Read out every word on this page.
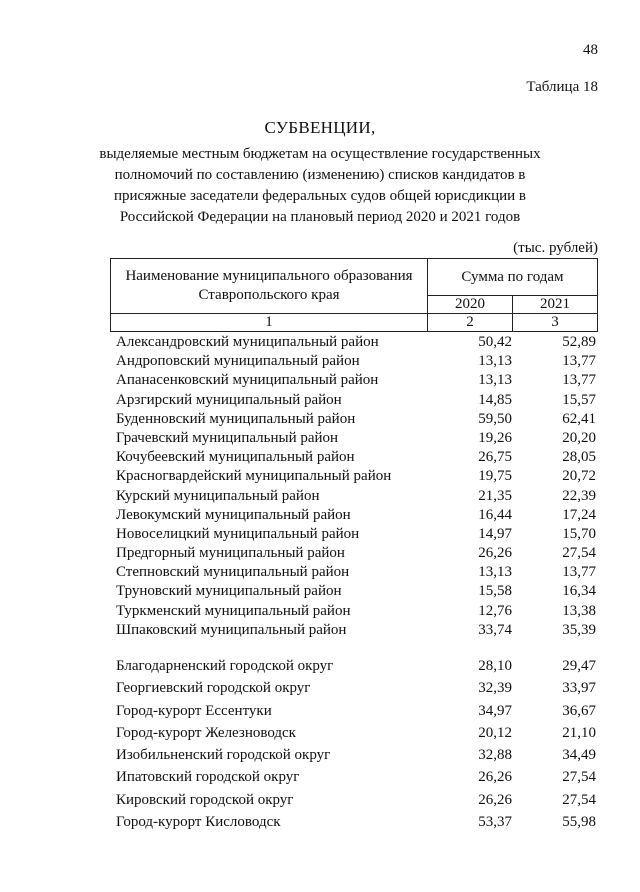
48
Таблица 18
СУБВЕНЦИИ,
выделяемые местным бюджетам на осуществление государственных полномочий по составлению (изменению) списков кандидатов в присяжные заседатели федеральных судов общей юрисдикции в Российской Федерации на плановый период 2020 и 2021 годов
(тыс. рублей)
Наименование муниципального образования Ставропольского края	Сумма по годам	
	2020	2021
1	2	3
Александровский муниципальный район	50,42	52,89
Андроповский муниципальный район	13,13	13,77
Апанасенковский муниципальный район	13,13	13,77
Арзгирский муниципальный район	14,85	15,57
Буденновский муниципальный район	59,50	62,41
Грачевский муниципальный район	19,26	20,20
Кочубеевский муниципальный район	26,75	28,05
Красногвардейский муниципальный район	19,75	20,72
Курский муниципальный район	21,35	22,39
Левокумский муниципальный район	16,44	17,24
Новоселицкий муниципальный район	14,97	15,70
Предгорный муниципальный район	26,26	27,54
Степновский муниципальный район	13,13	13,77
Труновский муниципальный район	15,58	16,34
Туркменский муниципальный район	12,76	13,38
Шпаковский муниципальный район	33,74	35,39
Благодарненский городской округ	28,10	29,47
Георгиевский городской округ	32,39	33,97
Город-курорт Ессентуки	34,97	36,67
Город-курорт Железноводск	20,12	21,10
Изобильненский городской округ	32,88	34,49
Ипатовский городской округ	26,26	27,54
Кировский городской округ	26,26	27,54
Город-курорт Кисловодск	53,37	55,98
